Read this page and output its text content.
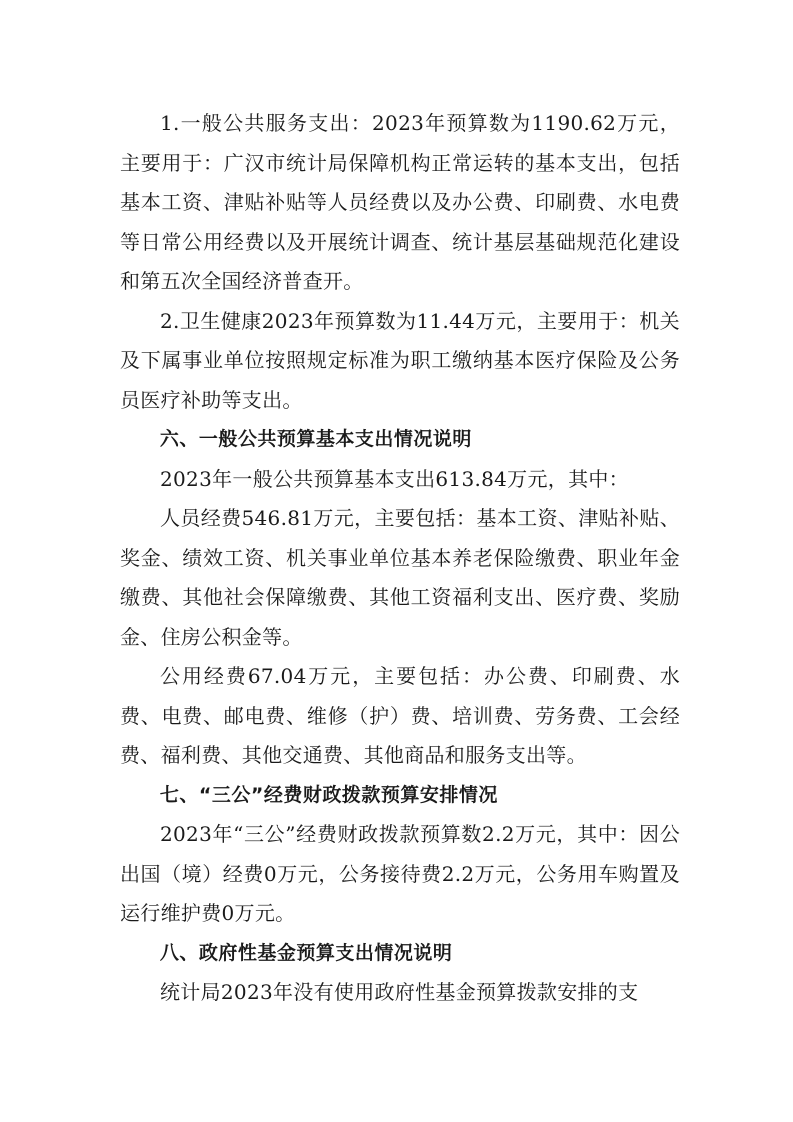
1.一般公共服务支出：2023年预算数为1190.62万元，主要用于：广汉市统计局保障机构正常运转的基本支出，包括基本工资、津贴补贴等人员经费以及办公费、印刷费、水电费等日常公用经费以及开展统计调查、统计基层基础规范化建设和第五次全国经济普查开。

2.卫生健康2023年预算数为11.44万元，主要用于：机关及下属事业单位按照规定标准为职工缴纳基本医疗保险及公务员医疗补助等支出。

六、一般公共预算基本支出情况说明

2023年一般公共预算基本支出613.84万元，其中：

人员经费546.81万元，主要包括：基本工资、津贴补贴、奖金、绩效工资、机关事业单位基本养老保险缴费、职业年金缴费、其他社会保障缴费、其他工资福利支出、医疗费、奖励金、住房公积金等。

公用经费67.04万元，主要包括：办公费、印刷费、水费、电费、邮电费、维修（护）费、培训费、劳务费、工会经费、福利费、其他交通费、其他商品和服务支出等。

七、“三公”经费财政拨款预算安排情况

2023年“三公”经费财政拨款预算数2.2万元，其中：因公出国（境）经费0万元，公务接待费2.2万元，公务用车购置及运行维护费0万元。

八、政府性基金预算支出情况说明

统计局2023年没有使用政府性基金预算拨款安排的支
